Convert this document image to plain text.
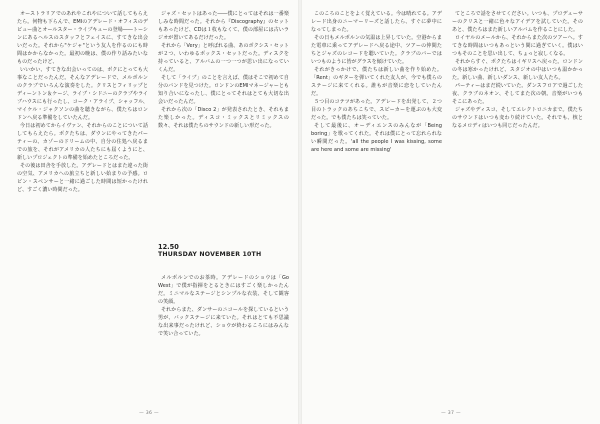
オーストラリアでのあれやこれやについて話してもらえたら。何物も下らんで、EMIのアデレード・オフィスのデビュー曲とオールスター・ライブキューの登場――トーシンにあるヘルスのスタッフとフェイスに、すてきな出会いだった。それから"ケジャ"という友人を作るのにも時間はかからなかった。最初の晩は、僕の作り話みたいなものだったけど、

いいかい、すてきな出会いってのは、ボクにとっても大事なことだったんだ。そんなアデレードで、メルボルンのクラブでいろんな演奏をした。クリスとフィリップとディーントン＆ケージ、ライブ・シドニーのクラブやライブハウスにも行ったし、コーク・アライブ、シャッフル、マイケル・ジャクソンの曲を聴きながら、僕たちはロンドンへ戻る準備をしていたんだ。

今日は初めてからイヴァン、それからのことについて話してもらえたら。ボクたちは、ダウンにやってきたパーティーの、カゾーのドリームの中、自分の住処へ戻るまでの旅を、それがアメリカの人たちにも届くようにと、新しいプロジェクトの準備を始めたところだった。

その後は田舎を手放した。アデレードとはまた違った街の空気、アメリカへの旅立ちと新しい始まりの予感。ロビン・スペンサーと一緒に過ごした時間は短かったけれど、すごく濃い時間だった。

ジャズ・セットはあった――僕にとってはそれは一番楽しみな時間だった。それから『Discography』のセットもあったけど、CDは１枚もなくて、僕の部屋には古いラジオが置いてあるだけだった。

それから「Very」と呼ばれる曲、あのボクシス・セットが２つ、いわゆるボックス・セットだった。ディスクを持っていると、アルバムの一つ一つが思い出になっていくんだ。

そして「ライブ」のことを言えば、僕はそこで初めて自分のバンドを見つけた。ロンドンのEMIマネージャーとも知り合いになったし、僕にとってそれはとても大切な出会いだったんだ。

それから次の「Disco 2」が発表されたとき、それもまた楽しかった。ディスコ・ミックスとリミックスの数々、それは僕たちのサウンドの新しい形だった。

12.50
THURSDAY NOVEMBER 10TH

メルボルンでのお茶時。アデレードのショウは「Go West」で僕が指揮をとるときにはすごく楽しかったんだ。ミニマルなステージとシンプルな衣装、そして観客の笑顔。

それからまた、ダンサーのニコールを探しているという男が、バックステージに来ていた。それはとても不思議な出来事だったけれど、ショウが終わるころにはみんなで笑い合っていた。

— 36 —

このころのことをよく覚えている。今は晴れてる。アデレード出身のニーマーリーズと話したら、すぐに夢中になってしまった。

その日もメルボルンの気温は上昇していた。空港からまた電車に乗ってアデレードへ戻る途中、ツアーの仲間たちとジャズのレコードを聴いていた。クラブのバーではいつものように皆がグラスを傾けていた。

それがきっかけで、僕たちは新しい曲を作り始めた。「Rent」のギターを弾いてくれた友人が、今でも僕らのステージに来てくれる。誰もが音楽に恋をしていたんだ。

５つ目のコテツがあった。アデレードを出発して、２つ目のトラックのあちこちで、スピーカーを運ぶのも大変だった。でも僕たちは笑っていた。

そして最後に、オーディエンスのみんなが「Being boring」を歌ってくれた。それは僕にとって忘れられない瞬間だった。'all the people I was kissing, some are here and some are missing'

てところで話をさせてください。いつも、プロデューサーのクリスと一緒に色々なアイデアを試していた。そのあと、僕たちはまた新しいアルバムを作ることにした。

ロイヤルのメールから、それからまた次のツアーへ。すてきな時間はいつもあっという間に過ぎていく。僕はいつもそのことを思い出して、ちょっと寂しくなる。

それからすぐ、ボクたちはイギリスへ戻った。ロンドンの冬は寒かったけれど、スタジオの中はいつも温かかった。新しい曲、新しいダンス、新しい友人たち。

パーティーはまだ続いていた。ダンスフロアで過ごした夜、クラブのネオン、そしてまた次の朝。音楽がいつもそこにあった。

ジャズやディスコ、そしてエレクトロニカまで。僕たちのサウンドはいつも変わり続けていた。それでも、核となるメロディはいつも同じだったんだ。

— 37 —
